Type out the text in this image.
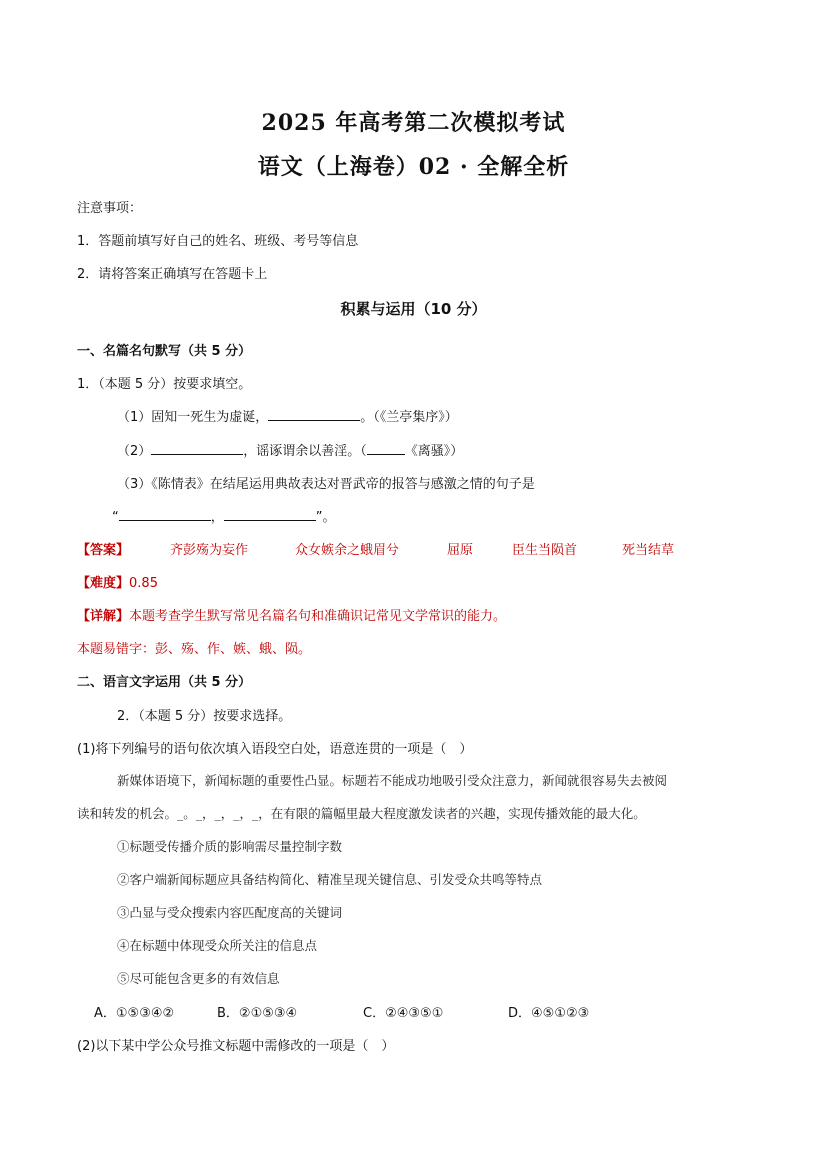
2025 年高考第二次模拟考试
语文（上海卷）02 · 全解全析
注意事项：
1．答题前填写好自己的姓名、班级、考号等信息
2．请将答案正确填写在答题卡上
积累与运用（10 分）
一、名篇名句默写（共 5 分）
1．（本题 5 分）按要求填空。
（1）固知一死生为虚诞，	。（《兰亭集序》）
（2）	，谣诼谓余以善淫。（	《离骚》）
（3）《陈情表》在结尾运用典故表达对晋武帝的报答与感激之情的句子是
“	，	”。
【答案】	齐彭殇为妄作	众女嫉余之蛾眉兮	屈原	臣生当陨首	死当结草
【难度】0.85
【详解】本题考查学生默写常见名篇名句和准确识记常见文学常识的能力。
本题易错字：彭、殇、作、嫉、蛾、陨。
二、语言文字运用（共 5 分）
2．（本题 5 分）按要求选择。
(1)将下列编号的语句依次填入语段空白处，语意连贯的一项是（　）
新媒体语境下，新闻标题的重要性凸显。标题若不能成功地吸引受众注意力，新闻就很容易失去被阅
读和转发的机会。_。_，_，_，_，在有限的篇幅里最大程度激发读者的兴趣，实现传播效能的最大化。
①标题受传播介质的影响需尽量控制字数
②客户端新闻标题应具备结构简化、精准呈现关键信息、引发受众共鸣等特点
③凸显与受众搜索内容匹配度高的关键词
④在标题中体现受众所关注的信息点
⑤尽可能包含更多的有效信息
A．①⑤③④②	B．②①⑤③④	C．②④③⑤①	D．④⑤①②③
(2)以下某中学公众号推文标题中需修改的一项是（　）
